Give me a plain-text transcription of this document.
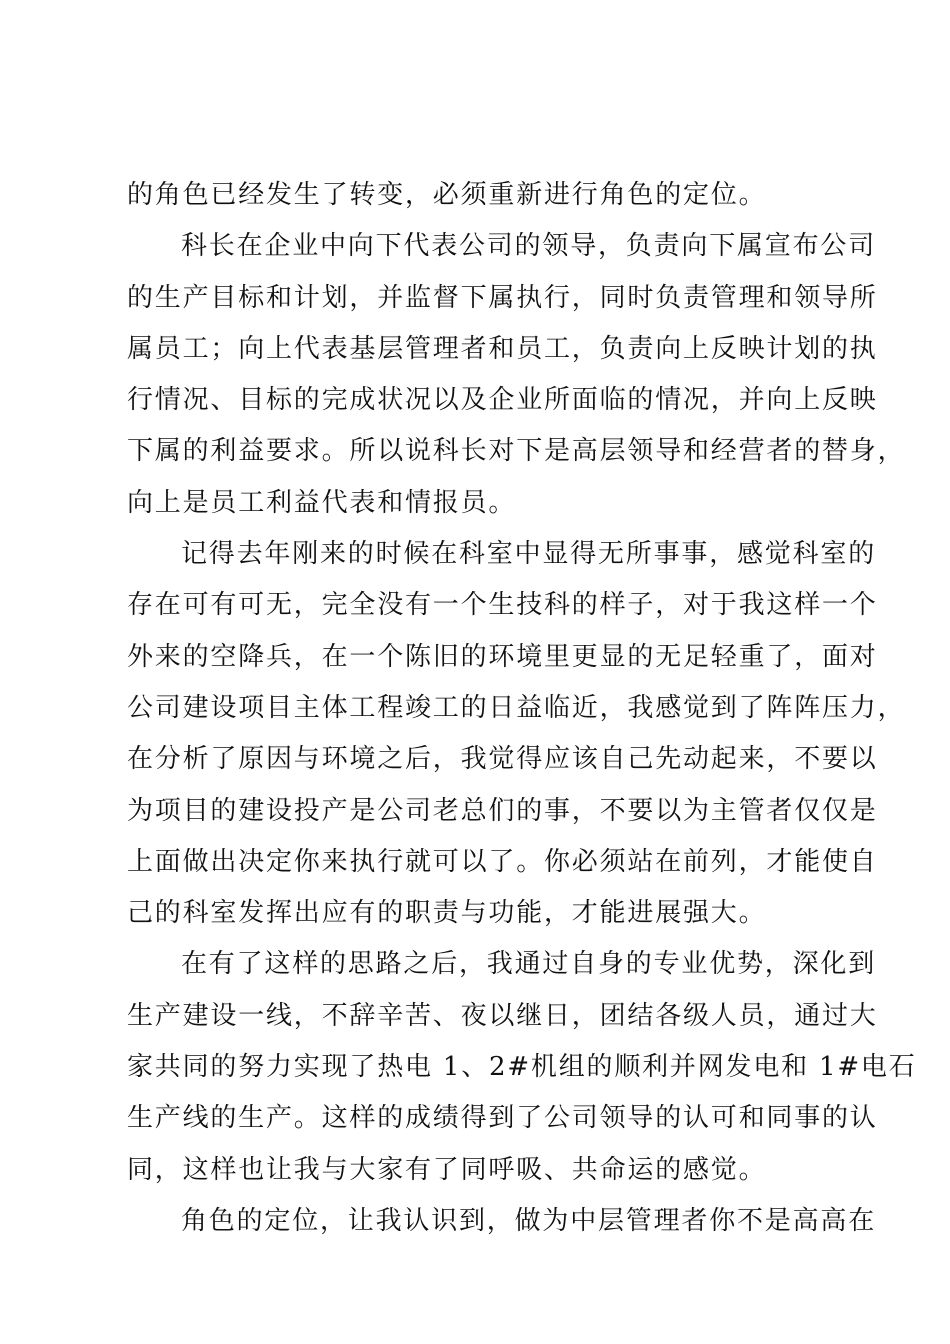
的角色已经发生了转变，必须重新进行角色的定位。
科长在企业中向下代表公司的领导，负责向下属宣布公司
的生产目标和计划，并监督下属执行，同时负责管理和领导所
属员工；向上代表基层管理者和员工，负责向上反映计划的执
行情况、目标的完成状况以及企业所面临的情况，并向上反映
下属的利益要求。所以说科长对下是高层领导和经营者的替身，
向上是员工利益代表和情报员。
记得去年刚来的时候在科室中显得无所事事，感觉科室的
存在可有可无，完全没有一个生技科的样子，对于我这样一个
外来的空降兵，在一个陈旧的环境里更显的无足轻重了，面对
公司建设项目主体工程竣工的日益临近，我感觉到了阵阵压力，
在分析了原因与环境之后，我觉得应该自己先动起来，不要以
为项目的建设投产是公司老总们的事，不要以为主管者仅仅是
上面做出决定你来执行就可以了。你必须站在前列，才能使自
己的科室发挥出应有的职责与功能，才能进展强大。
在有了这样的思路之后，我通过自身的专业优势，深化到
生产建设一线，不辞辛苦、夜以继日，团结各级人员，通过大
家共同的努力实现了热电 1、2#机组的顺利并网发电和 1#电石
生产线的生产。这样的成绩得到了公司领导的认可和同事的认
同，这样也让我与大家有了同呼吸、共命运的感觉。
角色的定位，让我认识到，做为中层管理者你不是高高在
